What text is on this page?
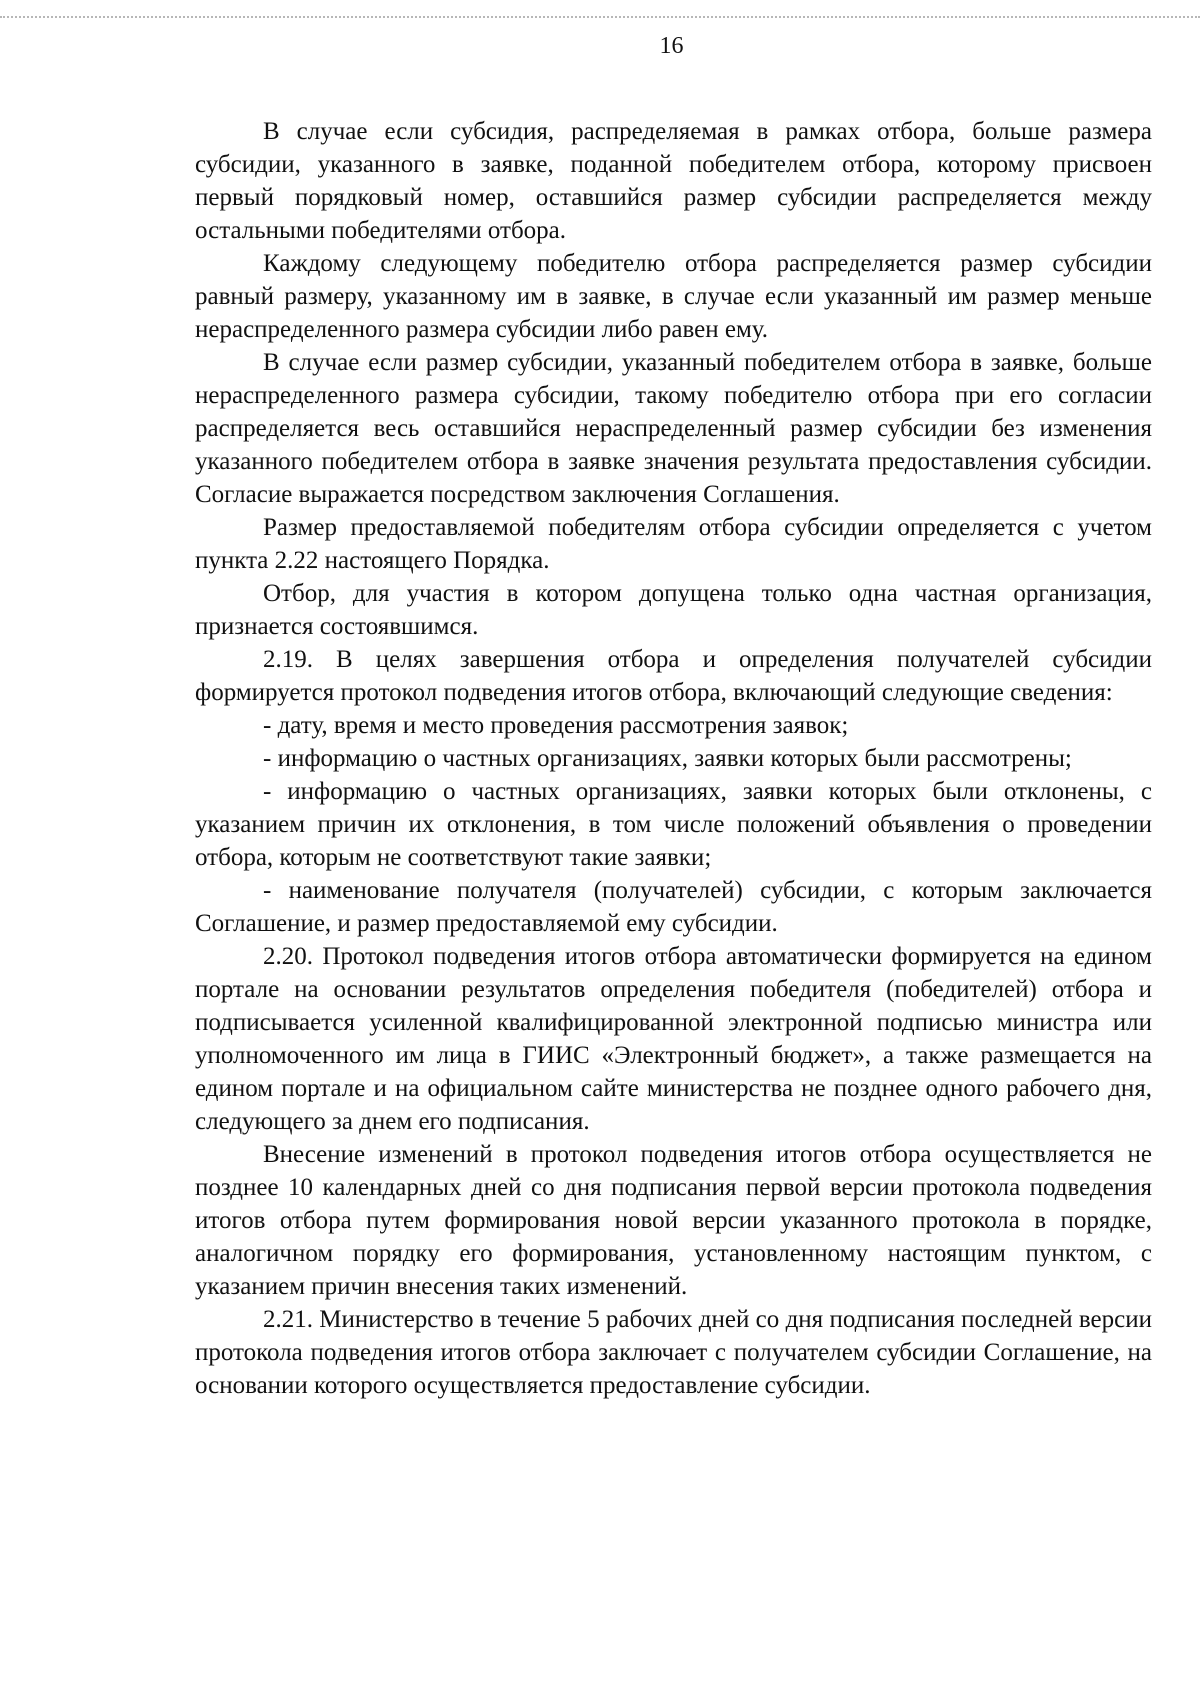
16

В случае если субсидия, распределяемая в рамках отбора, больше размера субсидии, указанного в заявке, поданной победителем отбора, которому присвоен первый порядковый номер, оставшийся размер субсидии распределяется между остальными победителями отбора.

Каждому следующему победителю отбора распределяется размер субсидии равный размеру, указанному им в заявке, в случае если указанный им размер меньше нераспределенного размера субсидии либо равен ему.

В случае если размер субсидии, указанный победителем отбора в заявке, больше нераспределенного размера субсидии, такому победителю отбора при его согласии распределяется весь оставшийся нераспределенный размер субсидии без изменения указанного победителем отбора в заявке значения результата предоставления субсидии. Согласие выражается посредством заключения Соглашения.

Размер предоставляемой победителям отбора субсидии определяется с учетом пункта 2.22 настоящего Порядка.

Отбор, для участия в котором допущена только одна частная организация, признается состоявшимся.

2.19. В целях завершения отбора и определения получателей субсидии формируется протокол подведения итогов отбора, включающий следующие сведения:

- дату, время и место проведения рассмотрения заявок;

- информацию о частных организациях, заявки которых были рассмотрены;

- информацию о частных организациях, заявки которых были отклонены, с указанием причин их отклонения, в том числе положений объявления о проведении отбора, которым не соответствуют такие заявки;

- наименование получателя (получателей) субсидии, с которым заключается Соглашение, и размер предоставляемой ему субсидии.

2.20. Протокол подведения итогов отбора автоматически формируется на едином портале на основании результатов определения победителя (победителей) отбора и подписывается усиленной квалифицированной электронной подписью министра или уполномоченного им лица в ГИИС «Электронный бюджет», а также размещается на едином портале и на официальном сайте министерства не позднее одного рабочего дня, следующего за днем его подписания.

Внесение изменений в протокол подведения итогов отбора осуществляется не позднее 10 календарных дней со дня подписания первой версии протокола подведения итогов отбора путем формирования новой версии указанного протокола в порядке, аналогичном порядку его формирования, установленному настоящим пунктом, с указанием причин внесения таких изменений.

2.21. Министерство в течение 5 рабочих дней со дня подписания последней версии протокола подведения итогов отбора заключает с получателем субсидии Соглашение, на основании которого осуществляется предоставление субсидии.
